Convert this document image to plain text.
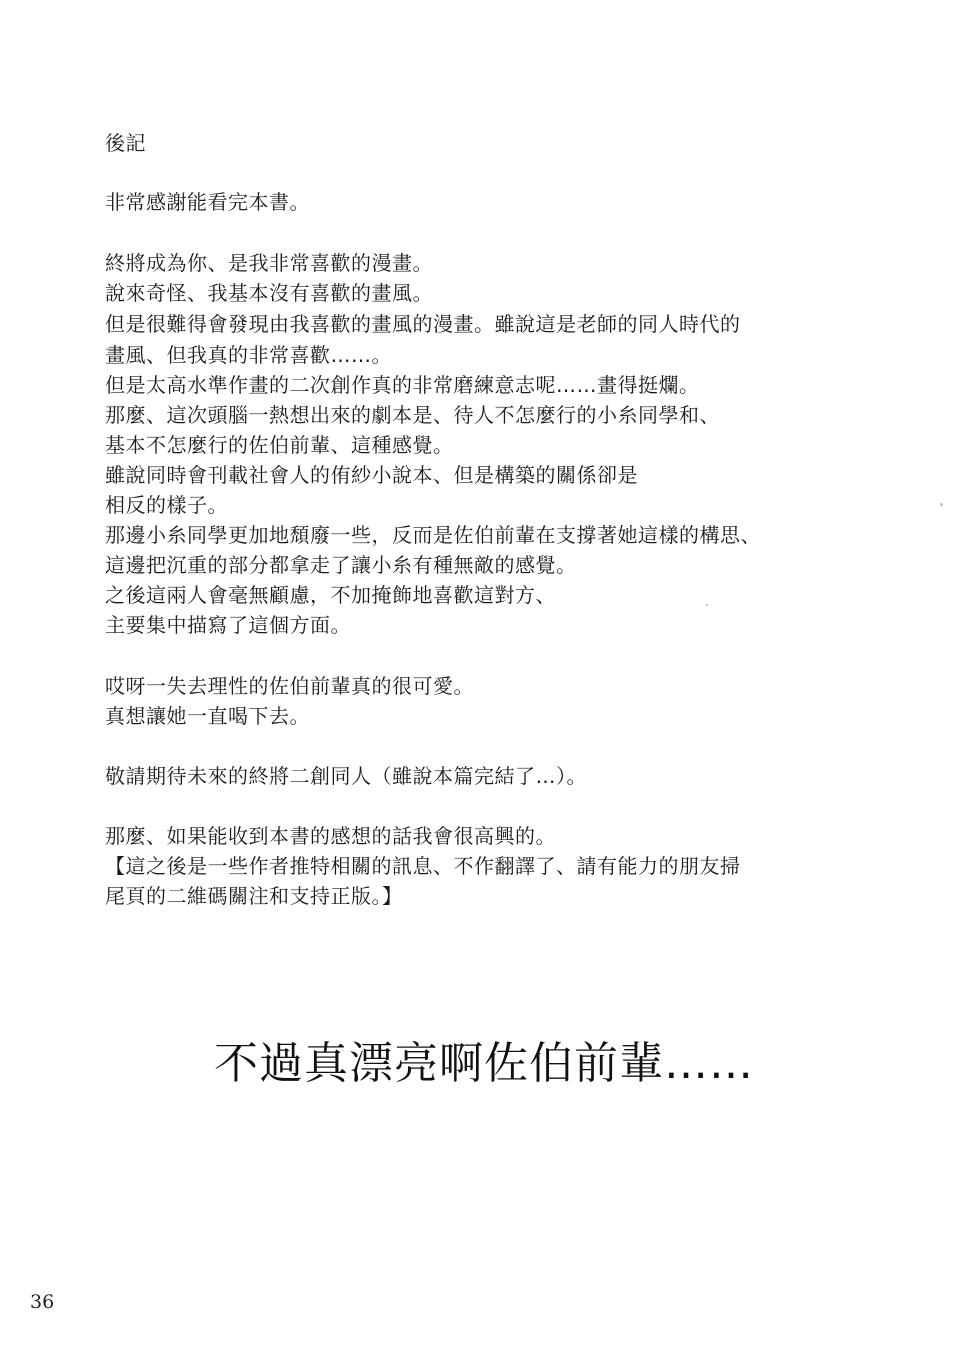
後記
非常感謝能看完本書。
終將成為你、是我非常喜歡的漫畫。
說來奇怪、我基本沒有喜歡的畫風。
但是很難得會發現由我喜歡的畫風的漫畫。雖說這是老師的同人時代的
畫風、但我真的非常喜歡……。
但是太高水準作畫的二次創作真的非常磨練意志呢……畫得挺爛。
那麼、這次頭腦一熱想出來的劇本是、待人不怎麼行的小糸同學和、
基本不怎麼行的佐伯前輩、這種感覺。
雖說同時會刊載社會人的侑紗小說本、但是構築的關係卻是
相反的樣子。
那邊小糸同學更加地頹廢一些，反而是佐伯前輩在支撐著她這樣的構思、
這邊把沉重的部分都拿走了讓小糸有種無敵的感覺。
之後這兩人會毫無顧慮，不加掩飾地喜歡這對方、
主要集中描寫了這個方面。
哎呀一失去理性的佐伯前輩真的很可愛。
真想讓她一直喝下去。
敬請期待未來的終將二創同人（雖說本篇完結了…）。
那麼、如果能收到本書的感想的話我會很高興的。
【這之後是一些作者推特相關的訊息、不作翻譯了、請有能力的朋友掃
尾頁的二維碼關注和支持正版。】
不過真漂亮啊佐伯前輩……
36
